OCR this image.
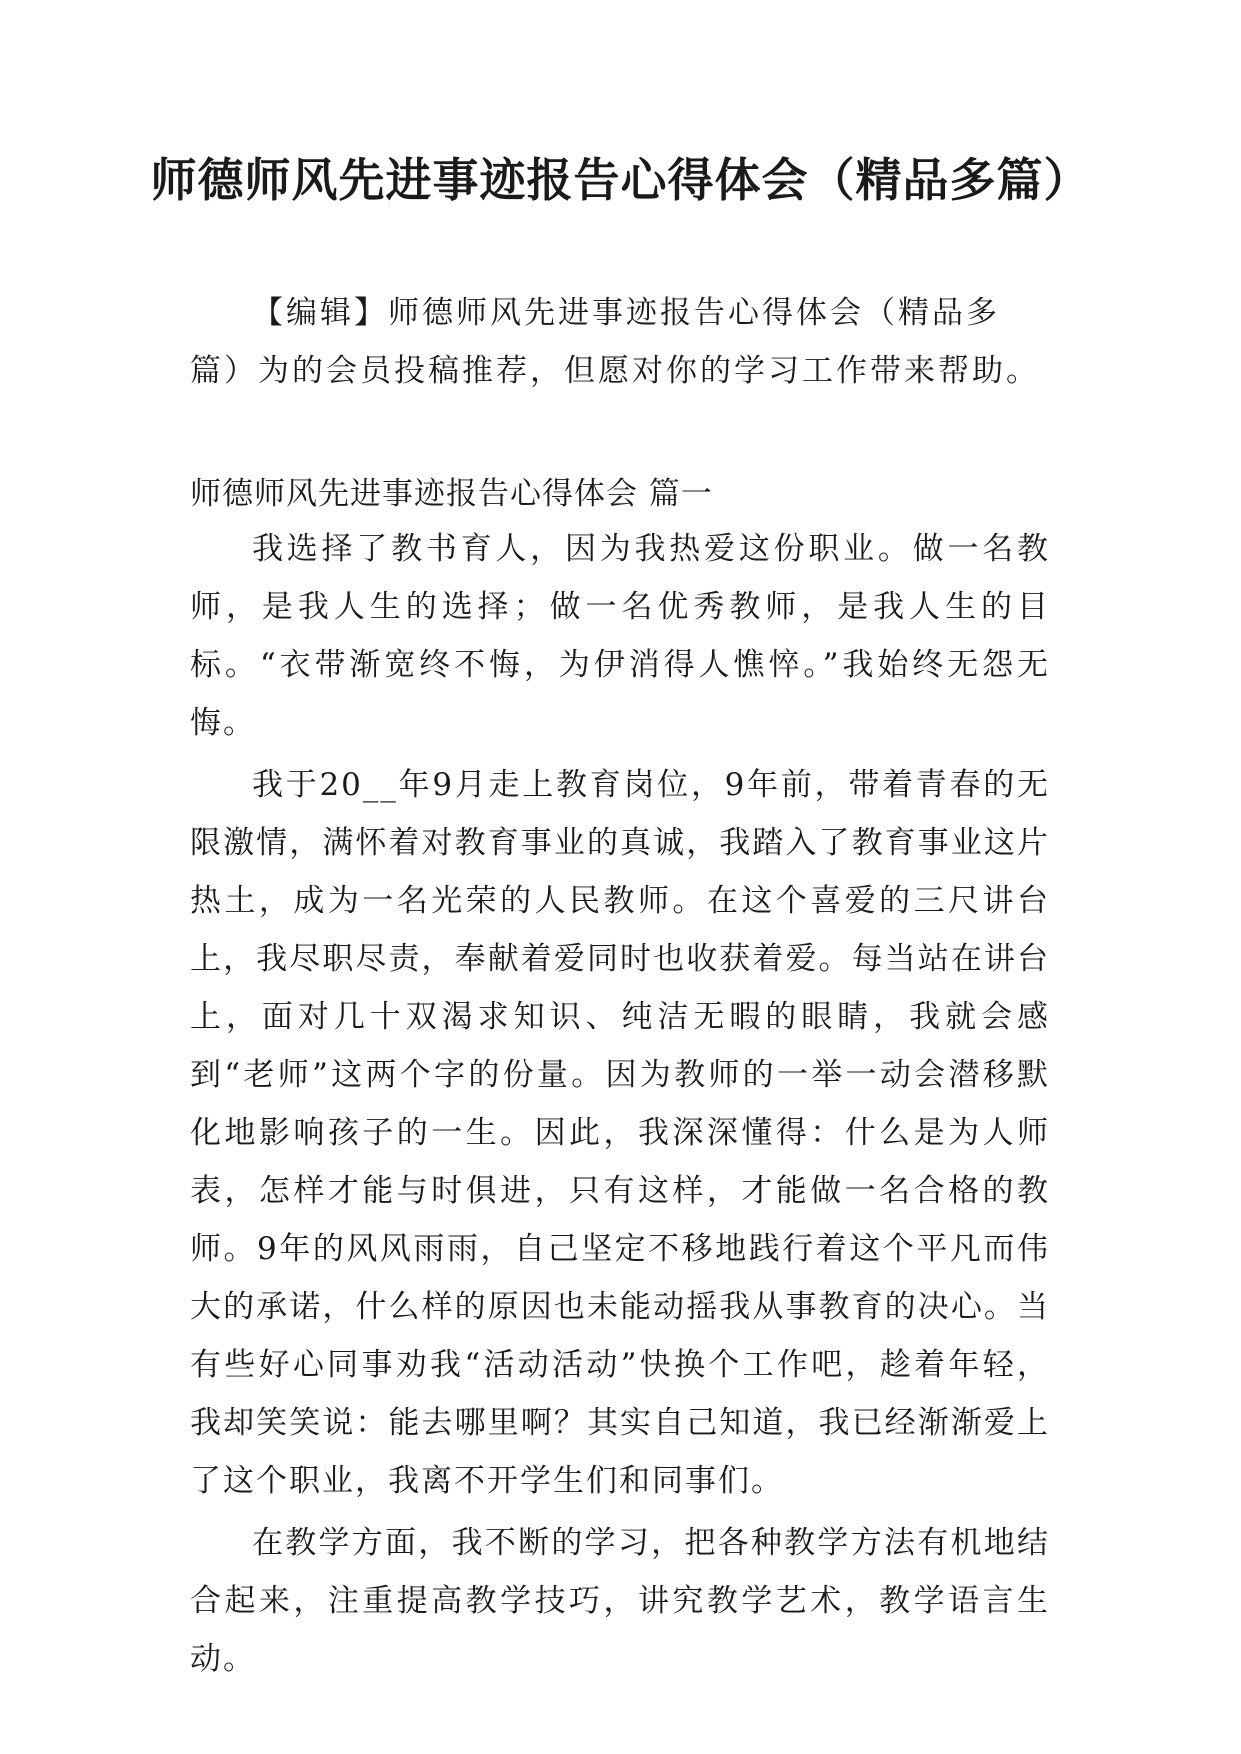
师德师风先进事迹报告心得体会（精品多篇）
【编辑】师德师风先进事迹报告心得体会（精品多篇）为的会员投稿推荐，但愿对你的学习工作带来帮助。
师德师风先进事迹报告心得体会 篇一

我选择了教书育人，因为我热爱这份职业。做一名教师，是我人生的选择；做一名优秀教师，是我人生的目标。“衣带渐宽终不悔，为伊消得人憔悴。”我始终无怨无悔。

我于20__年9月走上教育岗位，9年前，带着青春的无限激情，满怀着对教育事业的真诚，我踏入了教育事业这片热土，成为一名光荣的人民教师。在这个喜爱的三尺讲台上，我尽职尽责，奉献着爱同时也收获着爱。每当站在讲台上，面对几十双渴求知识、纯洁无暇的眼睛，我就会感到“老师”这两个字的份量。因为教师的一举一动会潜移默化地影响孩子的一生。因此，我深深懂得：什么是为人师表，怎样才能与时俱进，只有这样，才能做一名合格的教师。9年的风风雨雨，自己坚定不移地践行着这个平凡而伟大的承诺，什么样的原因也未能动摇我从事教育的决心。当有些好心同事劝我“活动活动”快换个工作吧，趁着年轻，我却笑笑说：能去哪里啊？其实自己知道，我已经渐渐爱上了这个职业，我离不开学生们和同事们。

在教学方面，我不断的学习，把各种教学方法有机地结合起来，注重提高教学技巧，讲究教学艺术，教学语言生动。
